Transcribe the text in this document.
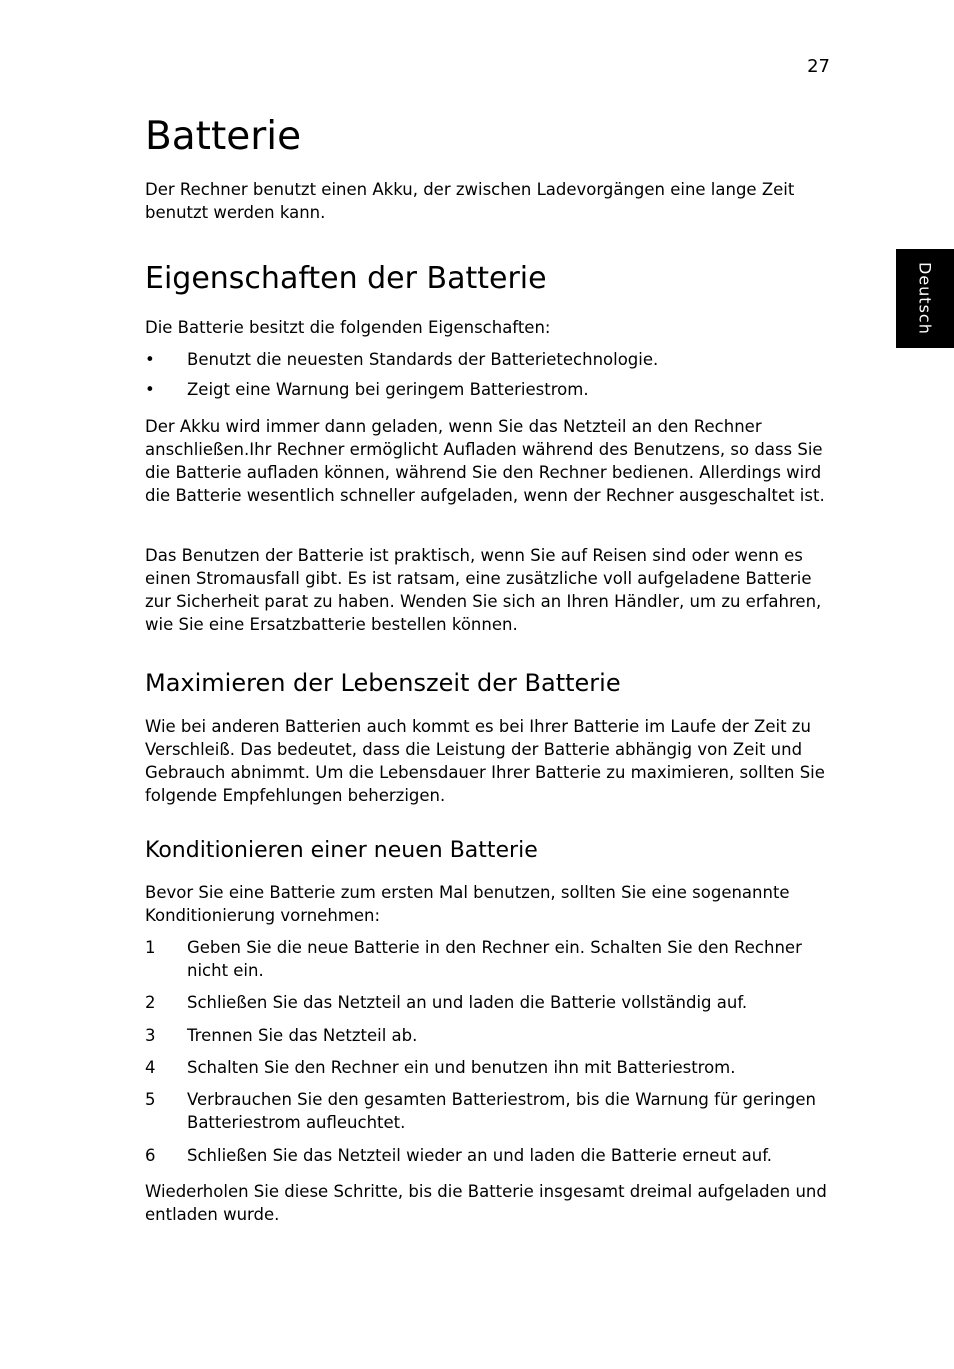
27
Deutsch
Batterie

Der Rechner benutzt einen Akku, der zwischen Ladevorgängen eine lange Zeit benutzt werden kann.

Eigenschaften der Batterie

Die Batterie besitzt die folgenden Eigenschaften:

•	Benutzt die neuesten Standards der Batterietechnologie.
•	Zeigt eine Warnung bei geringem Batteriestrom.

Der Akku wird immer dann geladen, wenn Sie das Netzteil an den Rechner anschließen.Ihr Rechner ermöglicht Aufladen während des Benutzens, so dass Sie die Batterie aufladen können, während Sie den Rechner bedienen. Allerdings wird die Batterie wesentlich schneller aufgeladen, wenn der Rechner ausgeschaltet ist.

Das Benutzen der Batterie ist praktisch, wenn Sie auf Reisen sind oder wenn es einen Stromausfall gibt. Es ist ratsam, eine zusätzliche voll aufgeladene Batterie zur Sicherheit parat zu haben. Wenden Sie sich an Ihren Händler, um zu erfahren, wie Sie eine Ersatzbatterie bestellen können.

Maximieren der Lebenszeit der Batterie

Wie bei anderen Batterien auch kommt es bei Ihrer Batterie im Laufe der Zeit zu Verschleiß. Das bedeutet, dass die Leistung der Batterie abhängig von Zeit und Gebrauch abnimmt. Um die Lebensdauer Ihrer Batterie zu maximieren, sollten Sie folgende Empfehlungen beherzigen.

Konditionieren einer neuen Batterie

Bevor Sie eine Batterie zum ersten Mal benutzen, sollten Sie eine sogenannte Konditionierung vornehmen:

1	Geben Sie die neue Batterie in den Rechner ein. Schalten Sie den Rechner nicht ein.
2	Schließen Sie das Netzteil an und laden die Batterie vollständig auf.
3	Trennen Sie das Netzteil ab.
4	Schalten Sie den Rechner ein und benutzen ihn mit Batteriestrom.
5	Verbrauchen Sie den gesamten Batteriestrom, bis die Warnung für geringen Batteriestrom aufleuchtet.
6	Schließen Sie das Netzteil wieder an und laden die Batterie erneut auf.

Wiederholen Sie diese Schritte, bis die Batterie insgesamt dreimal aufgeladen und entladen wurde.
